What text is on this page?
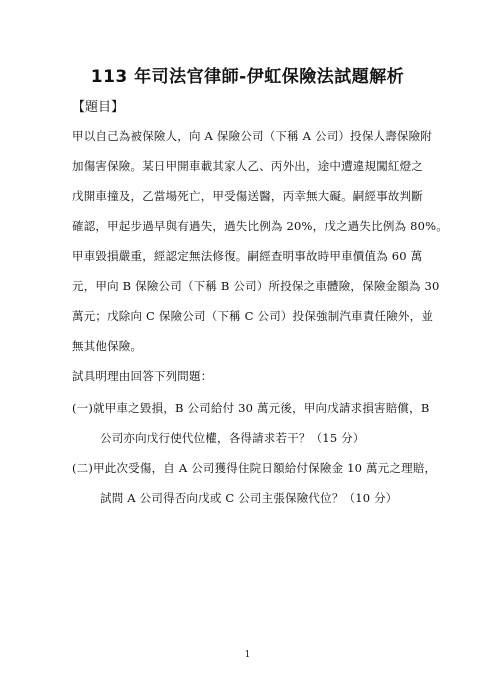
113 年司法官律師-伊虹保險法試題解析
【題目】
甲以自己為被保險人，向 A 保險公司（下稱 A 公司）投保人壽保險附
加傷害保險。某日甲開車載其家人乙、丙外出，途中遭違規闖紅燈之
戊開車撞及，乙當場死亡，甲受傷送醫，丙幸無大礙。嗣經事故判斷
確認，甲起步過早與有過失，過失比例為 20%，戊之過失比例為 80%。
甲車毀損嚴重，經認定無法修復。嗣經查明事故時甲車價值為 60 萬
元，甲向 B 保險公司（下稱 B 公司）所投保之車體險，保險金額為 30
萬元；戊除向 C 保險公司（下稱 C 公司）投保強制汽車責任險外，並
無其他保險。
試具明理由回答下列問題：
(一)就甲車之毀損，B 公司給付 30 萬元後，甲向戊請求損害賠償，B
公司亦向戊行使代位權，各得請求若干？（15 分）
(二)甲此次受傷，自 A 公司獲得住院日額給付保險金 10 萬元之理賠，
試問 A 公司得否向戊或 C 公司主張保險代位？（10 分）
1
